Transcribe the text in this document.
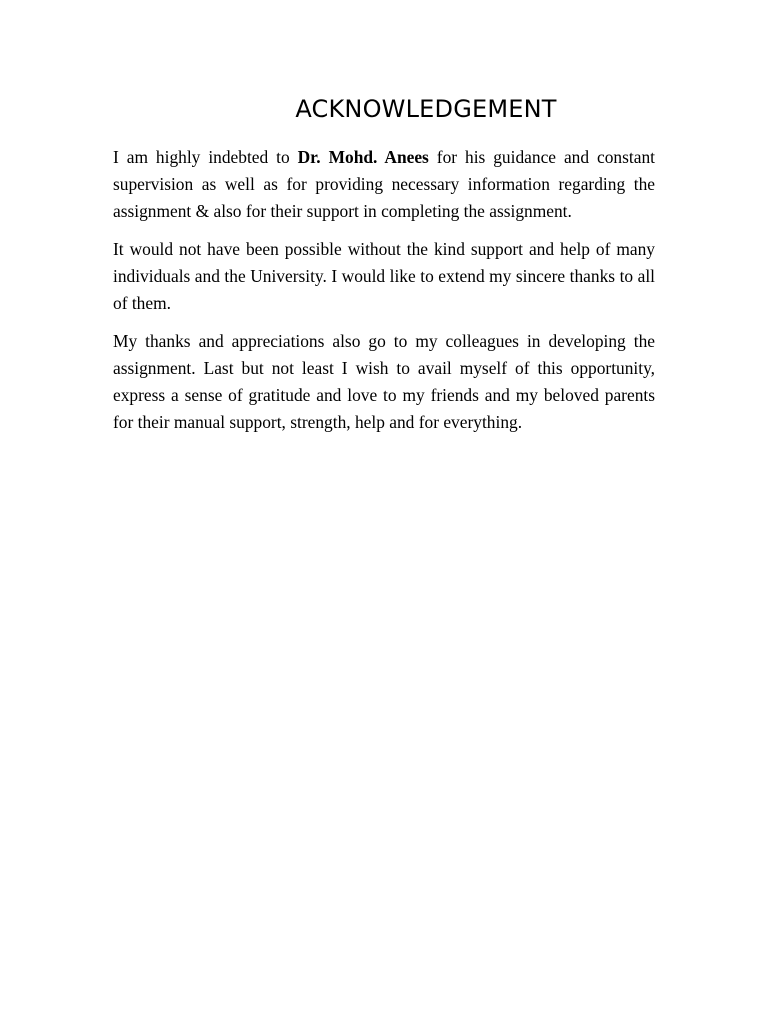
ACKNOWLEDGEMENT

I am highly indebted to Dr. Mohd. Anees for his guidance and constant supervision as well as for providing necessary information regarding the assignment & also for their support in completing the assignment.

It would not have been possible without the kind support and help of many individuals and the University. I would like to extend my sincere thanks to all of them.

My thanks and appreciations also go to my colleagues in developing the assignment. Last but not least I wish to avail myself of this opportunity, express a sense of gratitude and love to my friends and my beloved parents for their manual support, strength, help and for everything.
